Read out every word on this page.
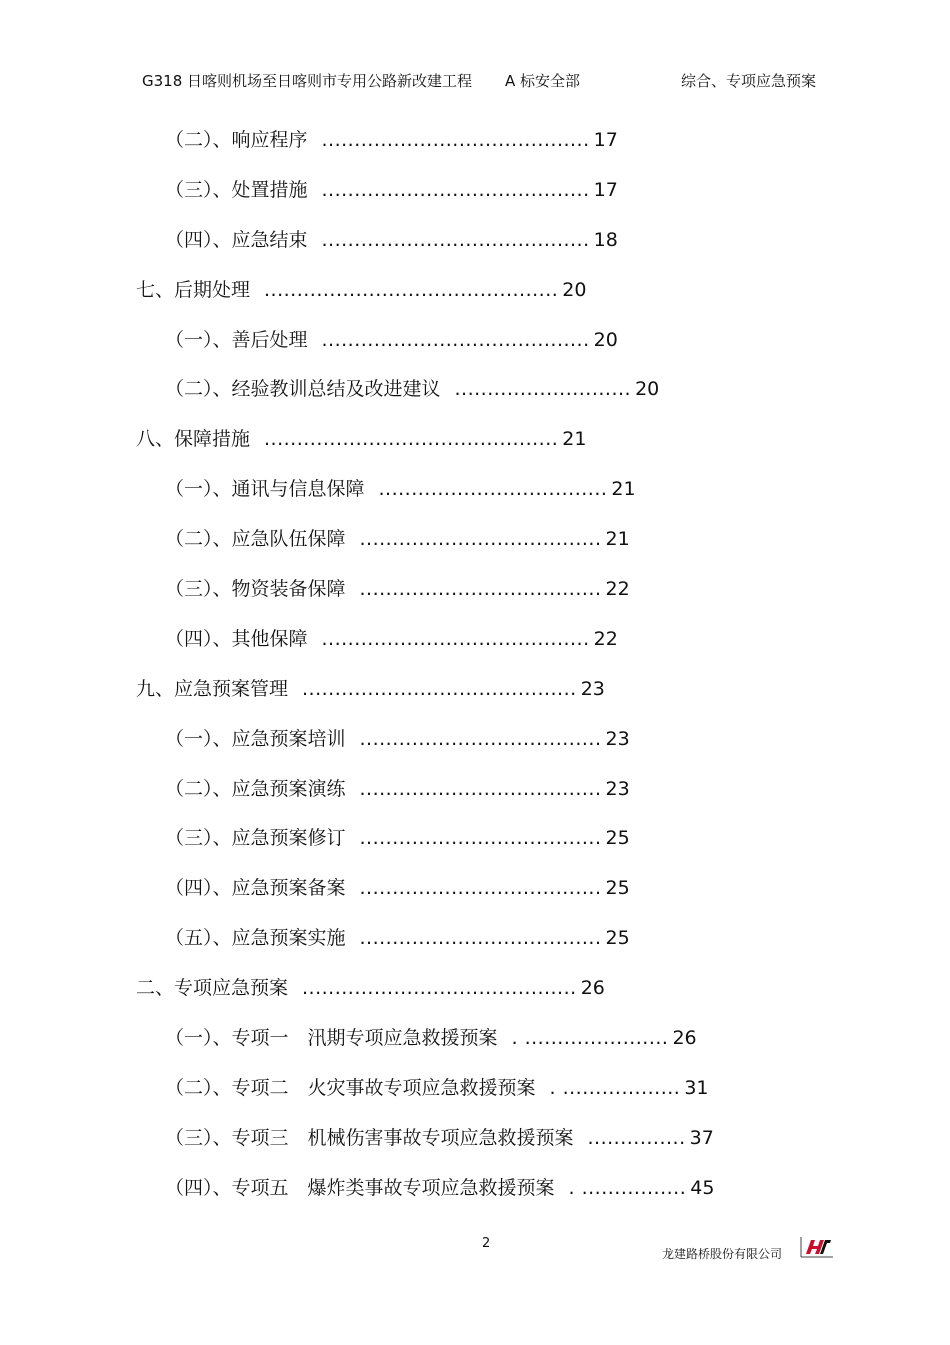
G318 日喀则机场至日喀则市专用公路新改建工程 A 标安全部	综合、专项应急预案
（二）、响应程序 ......................................... 17
（三）、处置措施 ......................................... 17
（四）、应急结束 ......................................... 18
七、后期处理 ............................................. 20
（一）、善后处理 ......................................... 20
（二）、经验教训总结及改进建议 ........................... 20
八、保障措施 ............................................. 21
（一）、通讯与信息保障 ................................... 21
（二）、应急队伍保障 ..................................... 21
（三）、物资装备保障 ..................................... 22
（四）、其他保障 ......................................... 22
九、应急预案管理 .......................................... 23
（一）、应急预案培训 ..................................... 23
（二）、应急预案演练 ..................................... 23
（三）、应急预案修订 ..................................... 25
（四）、应急预案备案 ..................................... 25
（五）、应急预案实施 ..................................... 25
二、专项应急预案 .......................................... 26
（一）、专项一　汛期专项应急救援预案 . ...................... 26
（二）、专项二　火灾事故专项应急救援预案 . .................. 31
（三）、专项三　机械伤害事故专项应急救援预案 ............... 37
（四）、专项五　爆炸类事故专项应急救援预案 . ................ 45
2
龙建路桥股份有限公司
